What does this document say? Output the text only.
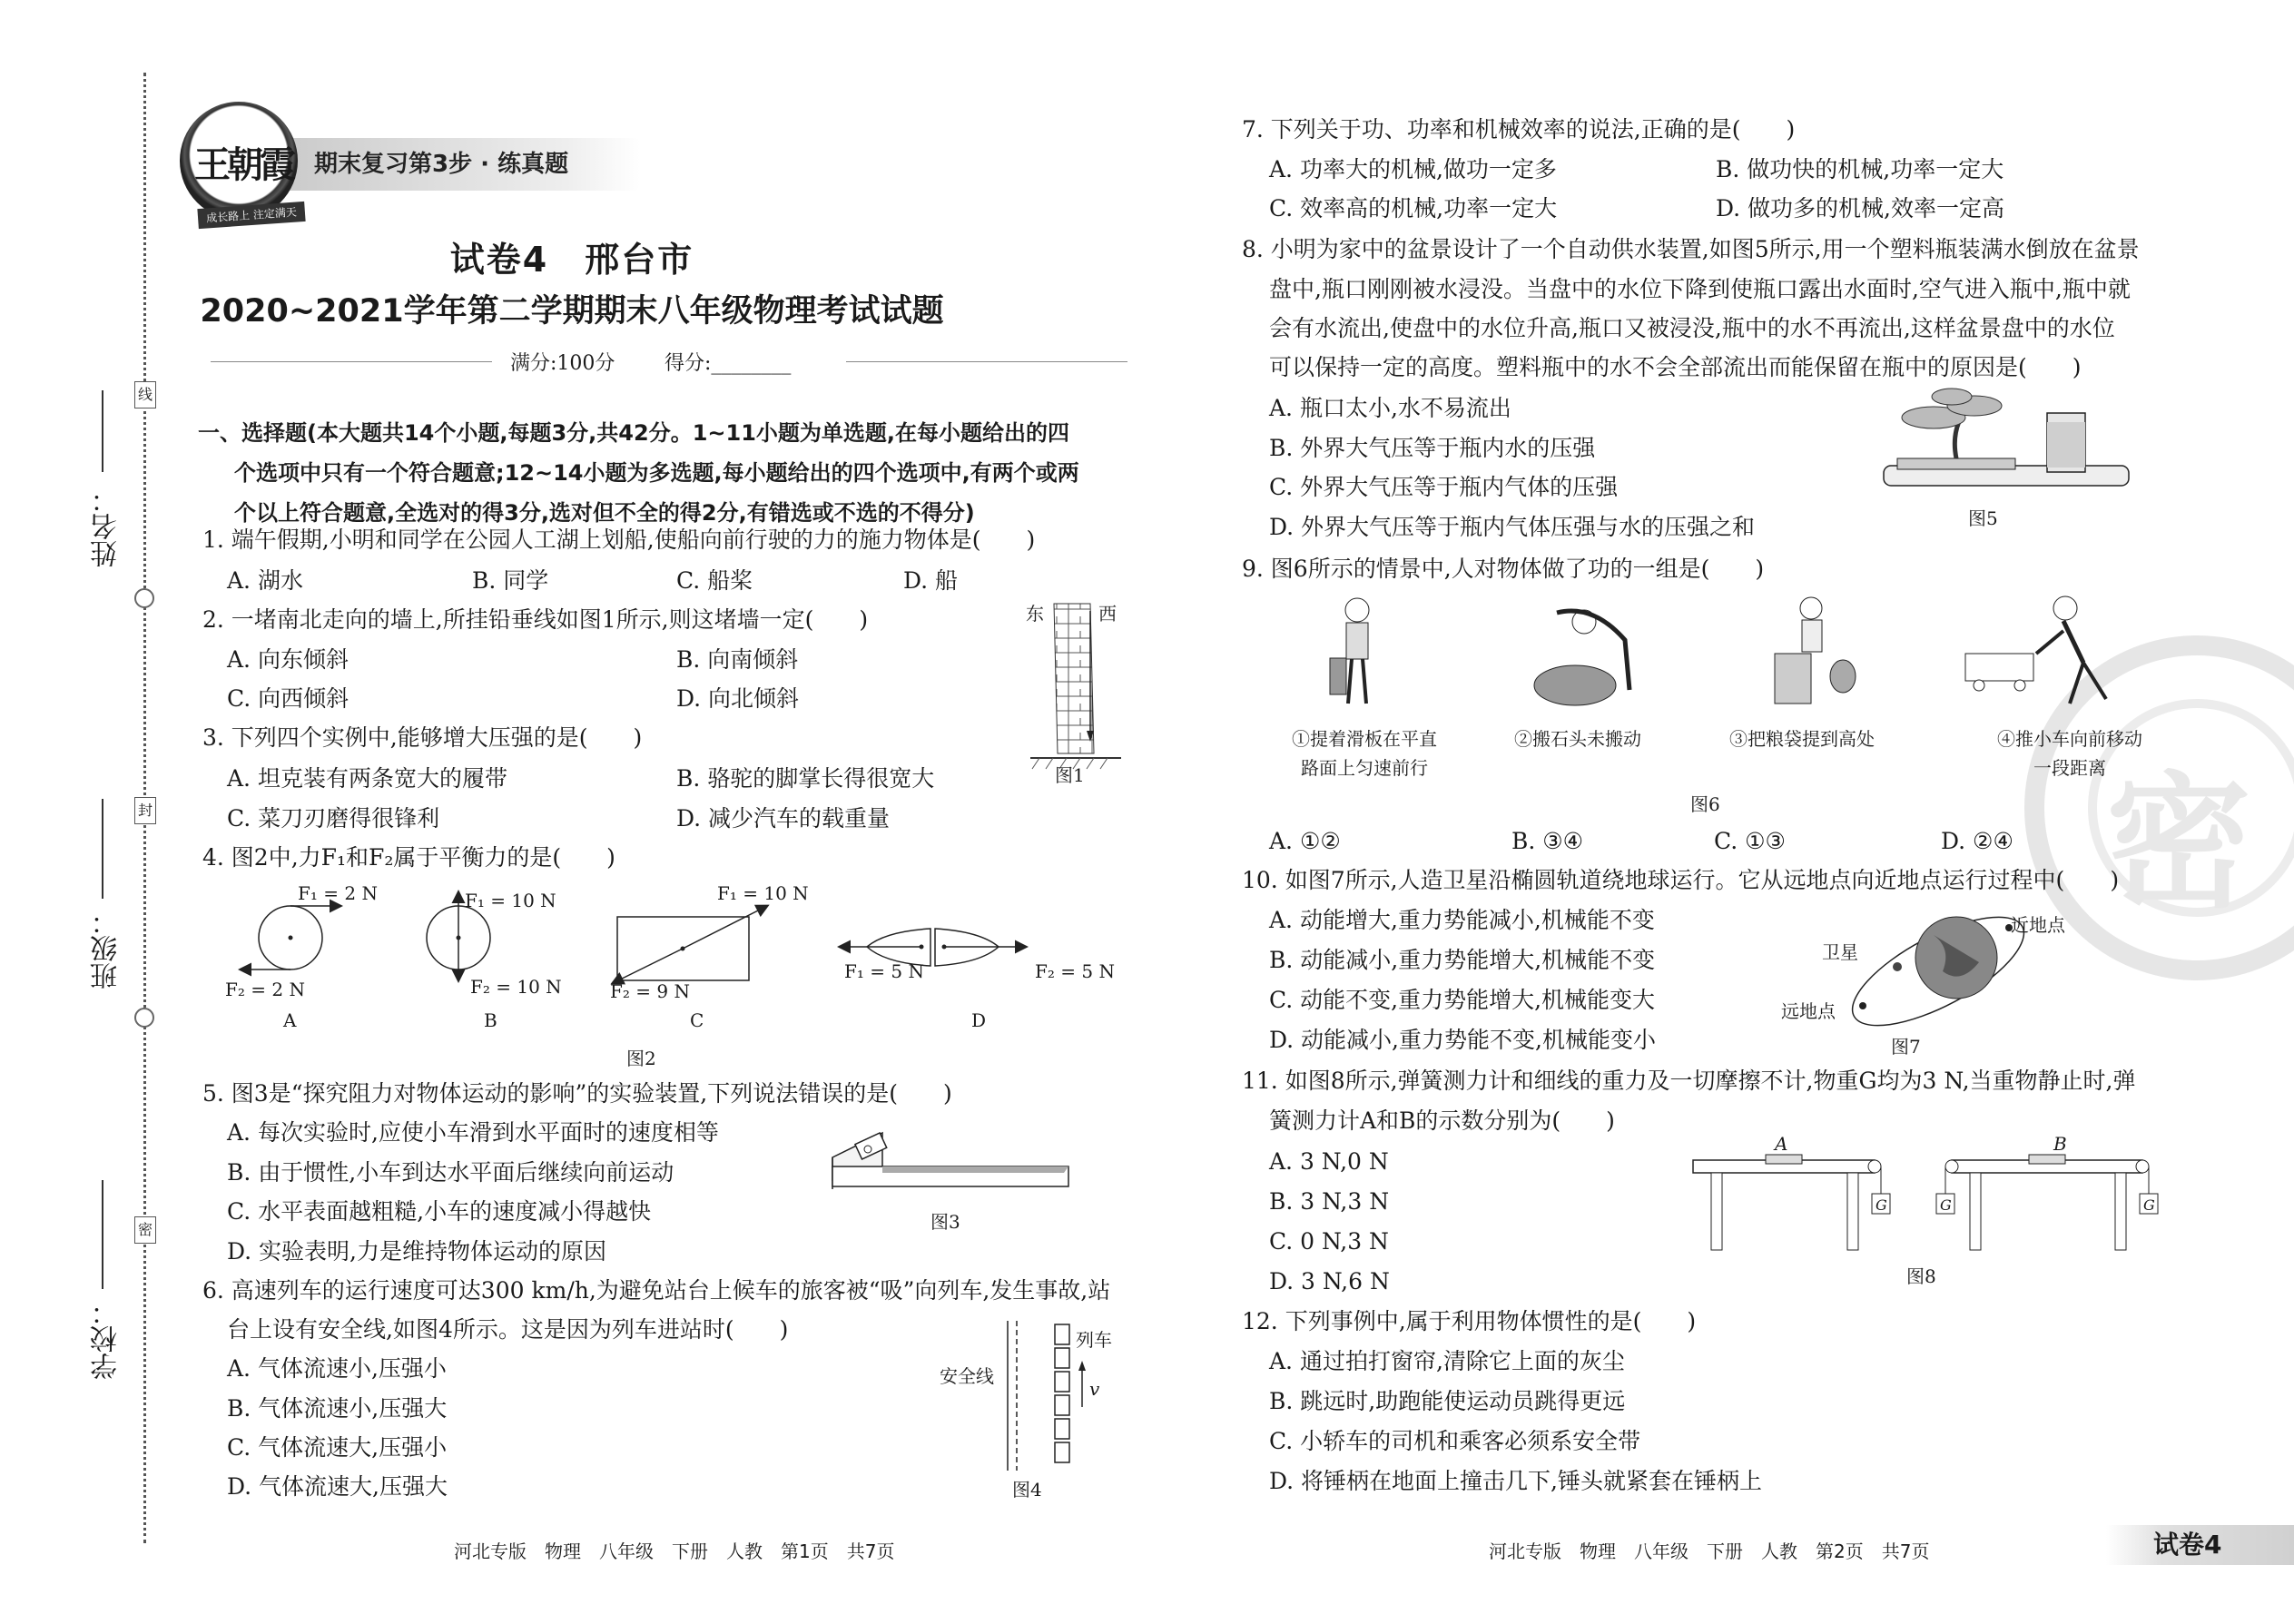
姓名：
班级：
学校：
线
封
密
期末复习第3步 · 练真题
王朝霞
成长路上 注定满天
试卷4　邢台市
2020~2021学年第二学期期末八年级物理考试试题
满分:100分 得分:________
一、选择题(本大题共14个小题,每题3分,共42分。1~11小题为单选题,在每小题给出的四
个选项中只有一个符合题意;12~14小题为多选题,每小题给出的四个选项中,有两个或两
个以上符合题意,全选对的得3分,选对但不全的得2分,有错选或不选的不得分)
1. 端午假期,小明和同学在公园人工湖上划船,使船向前行驶的力的施力物体是(　　)
A. 湖水	B. 同学	C. 船桨	D. 船
2. 一堵南北走向的墙上,所挂铅垂线如图1所示,则这堵墙一定(　　)
A. 向东倾斜	B. 向南倾斜
C. 向西倾斜	D. 向北倾斜
东	西
图1
3. 下列四个实例中,能够增大压强的是(　　)
A. 坦克装有两条宽大的履带	B. 骆驼的脚掌长得很宽大
C. 菜刀刃磨得很锋利	D. 减少汽车的载重量
4. 图2中,力F₁和F₂属于平衡力的是(　　)
F₁ = 2 N
F₂ = 2 N
A
F₁ = 10 N
F₂ = 10 N
B
F₁ = 10 N
F₂ = 9 N
C
F₁ = 5 N	F₂ = 5 N
D
图2
5. 图3是“探究阻力对物体运动的影响”的实验装置,下列说法错误的是(　　)
A. 每次实验时,应使小车滑到水平面时的速度相等
B. 由于惯性,小车到达水平面后继续向前运动
C. 水平表面越粗糙,小车的速度减小得越快
D. 实验表明,力是维持物体运动的原因
图3
6. 高速列车的运行速度可达300 km/h,为避免站台上候车的旅客被“吸”向列车,发生事故,站
台上设有安全线,如图4所示。这是因为列车进站时(　　)
A. 气体流速小,压强小
B. 气体流速小,压强大
C. 气体流速大,压强小
D. 气体流速大,压强大
列车
安全线
v
图4
河北专版　物理　八年级　下册　人教　第1页　共7页
密
7. 下列关于功、功率和机械效率的说法,正确的是(　　)
A. 功率大的机械,做功一定多	B. 做功快的机械,功率一定大
C. 效率高的机械,功率一定大	D. 做功多的机械,效率一定高
8. 小明为家中的盆景设计了一个自动供水装置,如图5所示,用一个塑料瓶装满水倒放在盆景
盘中,瓶口刚刚被水浸没。当盘中的水位下降到使瓶口露出水面时,空气进入瓶中,瓶中就
会有水流出,使盘中的水位升高,瓶口又被浸没,瓶中的水不再流出,这样盆景盘中的水位
可以保持一定的高度。塑料瓶中的水不会全部流出而能保留在瓶中的原因是(　　)
A. 瓶口太小,水不易流出
B. 外界大气压等于瓶内水的压强
C. 外界大气压等于瓶内气体的压强
D. 外界大气压等于瓶内气体压强与水的压强之和	图5
9. 图6所示的情景中,人对物体做了功的一组是(　　)
①提着滑板在平直
路面上匀速前行
②搬石头未搬动	③把粮袋提到高处	④推小车向前移动
一段距离
图6
A. ①②	B. ③④	C. ①③	D. ②④
10. 如图7所示,人造卫星沿椭圆轨道绕地球运行。它从远地点向近地点运行过程中(　　)
A. 动能增大,重力势能减小,机械能不变
B. 动能减小,重力势能增大,机械能不变
C. 动能不变,重力势能增大,机械能变大
D. 动能减小,重力势能不变,机械能变小
卫星
近地点
远地点
图7
11. 如图8所示,弹簧测力计和细线的重力及一切摩擦不计,物重G均为3 N,当重物静止时,弹
簧测力计A和B的示数分别为(　　)
A. 3 N,0 N
B. 3 N,3 N
C. 0 N,3 N
D. 3 N,6 N
A	B
G	G	G
图8
12. 下列事例中,属于利用物体惯性的是(　　)
A. 通过拍打窗帘,清除它上面的灰尘
B. 跳远时,助跑能使运动员跳得更远
C. 小轿车的司机和乘客必须系安全带
D. 将锤柄在地面上撞击几下,锤头就紧套在锤柄上
河北专版　物理　八年级　下册　人教　第2页　共7页	试卷4
